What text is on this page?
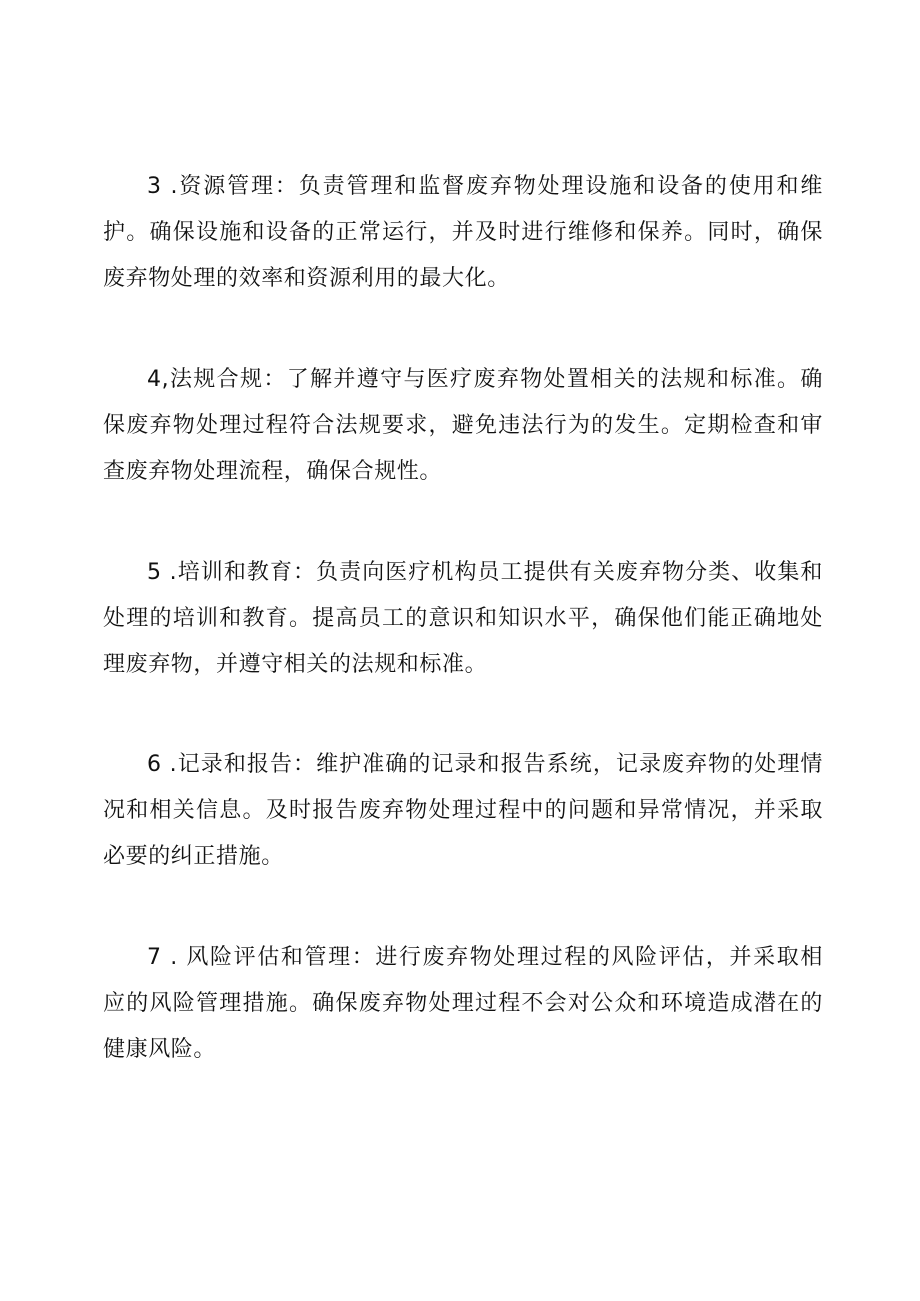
3 .资源管理：负责管理和监督废弃物处理设施和设备的使用和维
护。确保设施和设备的正常运行，并及时进行维修和保养。同时，确保
废弃物处理的效率和资源利用的最大化。
4,法规合规：了解并遵守与医疗废弃物处置相关的法规和标准。确
保废弃物处理过程符合法规要求，避免违法行为的发生。定期检查和审
查废弃物处理流程，确保合规性。
5 .培训和教育：负责向医疗机构员工提供有关废弃物分类、收集和
处理的培训和教育。提高员工的意识和知识水平，确保他们能正确地处
理废弃物，并遵守相关的法规和标准。
6 .记录和报告：维护准确的记录和报告系统，记录废弃物的处理情
况和相关信息。及时报告废弃物处理过程中的问题和异常情况，并采取
必要的纠正措施。
7 . 风险评估和管理：进行废弃物处理过程的风险评估，并采取相
应的风险管理措施。确保废弃物处理过程不会对公众和环境造成潜在的
健康风险。
